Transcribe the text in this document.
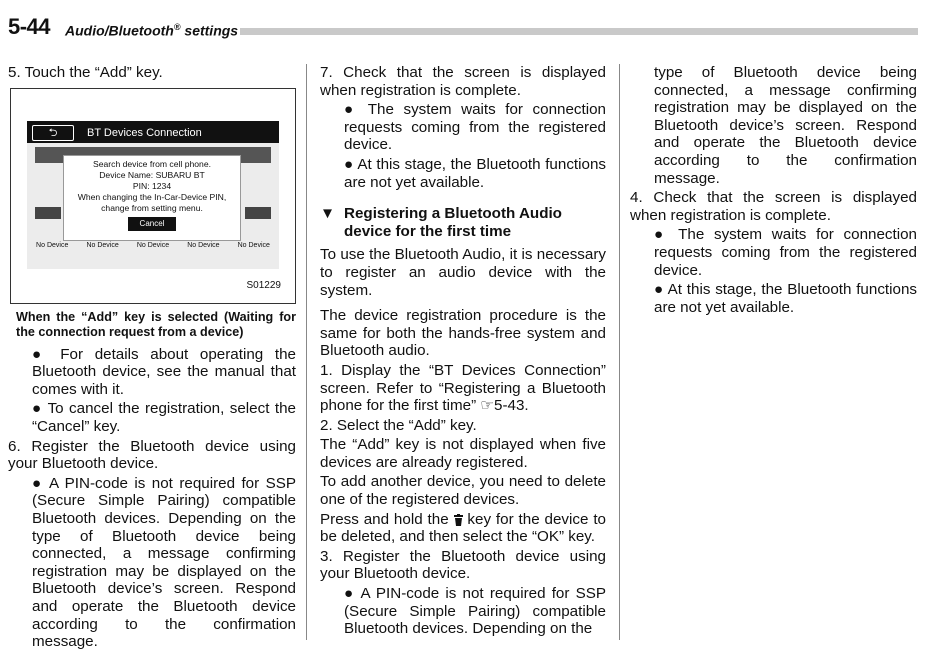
5-44 Audio/Bluetooth® settings

5. Touch the “Add” key.

⮌	BT Devices Connection
No Device	No Device	No Device	No Device	No Device
Search device from cell phone.
Device Name: SUBARU BT
PIN: 1234
When changing the In-Car-Device PIN,
change from setting menu.
Cancel
S01229
When the “Add” key is selected (Waiting for the connection request from a device)

● For details about operating the Bluetooth device, see the manual that comes with it.

● To cancel the registration, select the “Cancel” key.

6. Register the Bluetooth device using your Bluetooth device.

● A PIN-code is not required for SSP (Secure Simple Pairing) compatible Bluetooth devices. Depending on the type of Bluetooth device being connected, a message confirming registration may be displayed on the Bluetooth device’s screen. Respond and operate the Bluetooth device according to the confirmation message.

7. Check that the screen is displayed when registration is complete.

● The system waits for connection requests coming from the registered device.

● At this stage, the Bluetooth functions are not yet available.

▼ Registering a Bluetooth Audio device for the first time

To use the Bluetooth Audio, it is necessary to register an audio device with the system.

The device registration procedure is the same for both the hands-free system and Bluetooth audio.

1. Display the “BT Devices Connection” screen. Refer to “Registering a Bluetooth phone for the first time” ☞5-43.

2. Select the “Add” key.

The “Add” key is not displayed when five devices are already registered.

To add another device, you need to delete one of the registered devices.

Press and hold the  key for the device to be deleted, and then select the “OK” key.

3. Register the Bluetooth device using your Bluetooth device.

● A PIN-code is not required for SSP (Secure Simple Pairing) compatible Bluetooth devices. Depending on the

type of Bluetooth device being connected, a message confirming registration may be displayed on the Bluetooth device’s screen. Respond and operate the Bluetooth device according to the confirmation message.

4. Check that the screen is displayed when registration is complete.

● The system waits for connection requests coming from the registered device.

● At this stage, the Bluetooth functions are not yet available.
